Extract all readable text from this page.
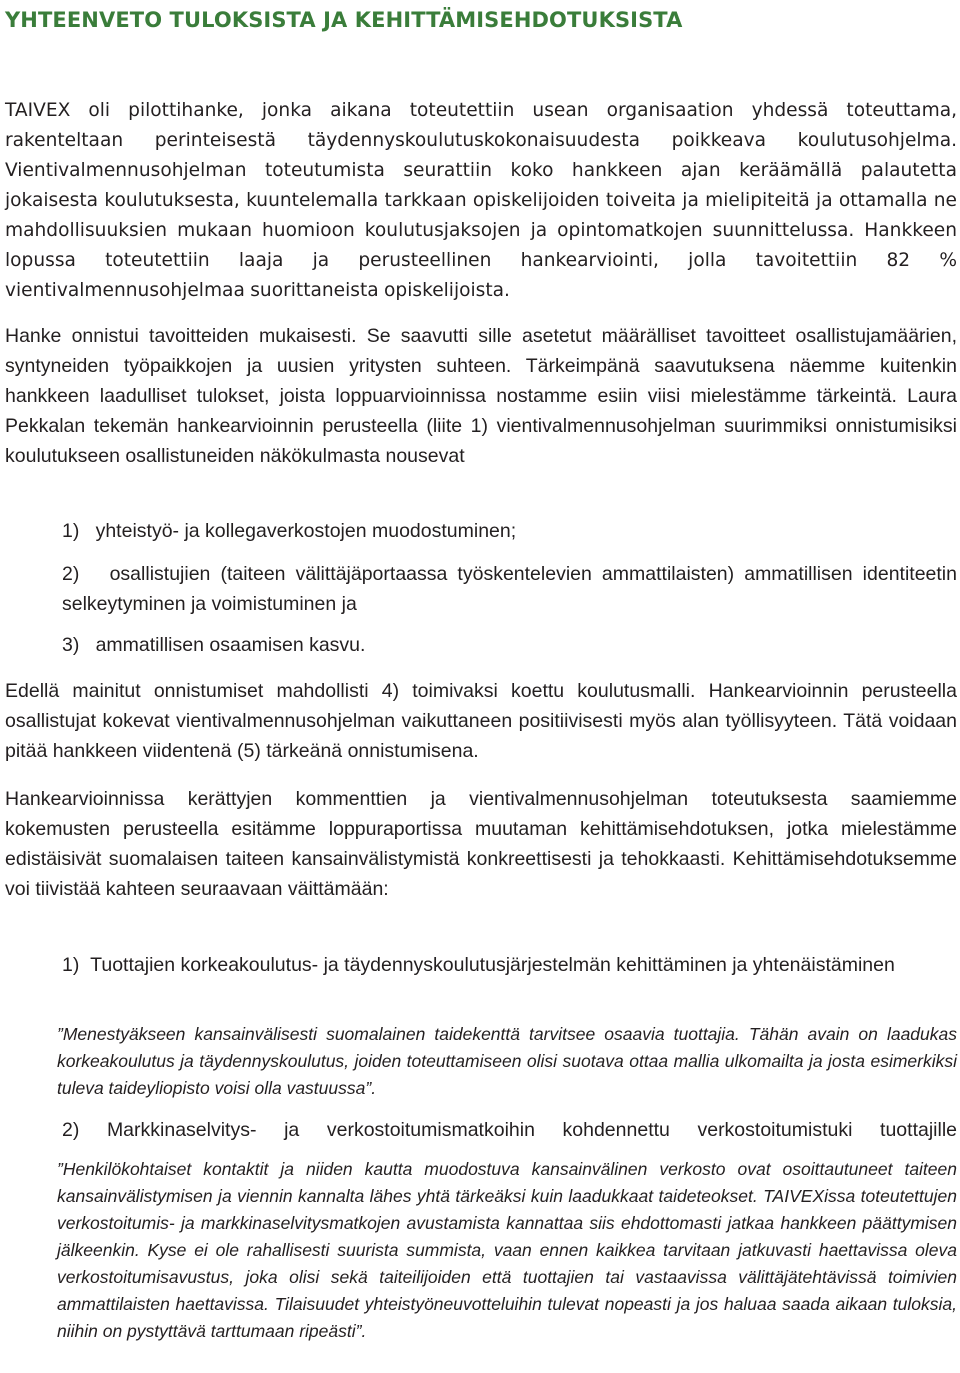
YHTEENVETO TULOKSISTA JA KEHITTÄMISEHDOTUKSISTA

TAIVEX oli pilottihanke, jonka aikana toteutettiin usean organisaation yhdessä toteuttama, rakenteltaan perinteisestä täydennyskoulutuskokonaisuudesta poikkeava koulutusohjelma. Vientivalmennusohjelman toteutumista seurattiin koko hankkeen ajan keräämällä palautetta jokaisesta koulutuksesta, kuuntelemalla tarkkaan opiskelijoiden toiveita ja mielipiteitä ja ottamalla ne mahdollisuuksien mukaan huomioon koulutusjaksojen ja opintomatkojen suunnittelussa. Hankkeen lopussa toteutettiin laaja ja perusteellinen hankearviointi, jolla tavoitettiin 82 % vientivalmennusohjelmaa suorittaneista opiskelijoista.

Hanke onnistui tavoitteiden mukaisesti. Se saavutti sille asetetut määrälliset tavoitteet osallistujamäärien, syntyneiden työpaikkojen ja uusien yritysten suhteen. Tärkeimpänä saavutuksena näemme kuitenkin hankkeen laadulliset tulokset, joista loppuarvioinnissa nostamme esiin viisi mielestämme tärkeintä. Laura Pekkalan tekemän hankearvioinnin perusteella (liite 1) vientivalmennusohjelman suurimmiksi onnistumisiksi koulutukseen osallistuneiden näkökulmasta nousevat

1)   yhteistyö- ja kollegaverkostojen muodostuminen;

2)   osallistujien (taiteen välittäjäportaassa työskentelevien ammattilaisten) ammatillisen identiteetin selkeytyminen ja voimistuminen ja

3)   ammatillisen osaamisen kasvu.

Edellä mainitut onnistumiset mahdollisti 4) toimivaksi koettu koulutusmalli. Hankearvioinnin perusteella osallistujat kokevat vientivalmennusohjelman vaikuttaneen positiivisesti myös alan työllisyyteen. Tätä voidaan pitää hankkeen viidentenä (5) tärkeänä onnistumisena.

Hankearvioinnissa kerättyjen kommenttien ja vientivalmennusohjelman toteutuksesta saamiemme kokemusten perusteella esitämme loppuraportissa muutaman kehittämisehdotuksen, jotka mielestämme edistäisivät suomalaisen taiteen kansainvälistymistä konkreettisesti ja tehokkaasti. Kehittämisehdotuksemme voi tiivistää kahteen seuraavaan väittämään:

1)  Tuottajien korkeakoulutus- ja täydennyskoulutusjärjestelmän kehittäminen ja yhtenäistäminen

”Menestyäkseen kansainvälisesti suomalainen taidekenttä tarvitsee osaavia tuottajia. Tähän avain on laadukas korkeakoulutus ja täydennyskoulutus, joiden toteuttamiseen olisi suotava ottaa mallia ulkomailta ja josta esimerkiksi tuleva taideyliopisto voisi olla vastuussa”.

2) Markkinaselvitys- ja verkostoitumismatkoihin kohdennettu verkostoitumistuki tuottajille

”Henkilökohtaiset kontaktit ja niiden kautta muodostuva kansainvälinen verkosto ovat osoittautuneet taiteen kansainvälistymisen ja viennin kannalta lähes yhtä tärkeäksi kuin laadukkaat taideteokset. TAIVEXissa toteutettujen verkostoitumis- ja markkinaselvitysmatkojen avustamista kannattaa siis ehdottomasti jatkaa hankkeen päättymisen jälkeenkin. Kyse ei ole rahallisesti suurista summista, vaan ennen kaikkea tarvitaan jatkuvasti haettavissa oleva verkostoitumisavustus, joka olisi sekä taiteilijoiden että tuottajien tai vastaavissa välittäjätehtävissä toimivien ammattilaisten haettavissa. Tilaisuudet yhteistyöneuvotteluihin tulevat nopeasti ja jos haluaa saada aikaan tuloksia, niihin on pystyttävä tarttumaan ripeästi”.
